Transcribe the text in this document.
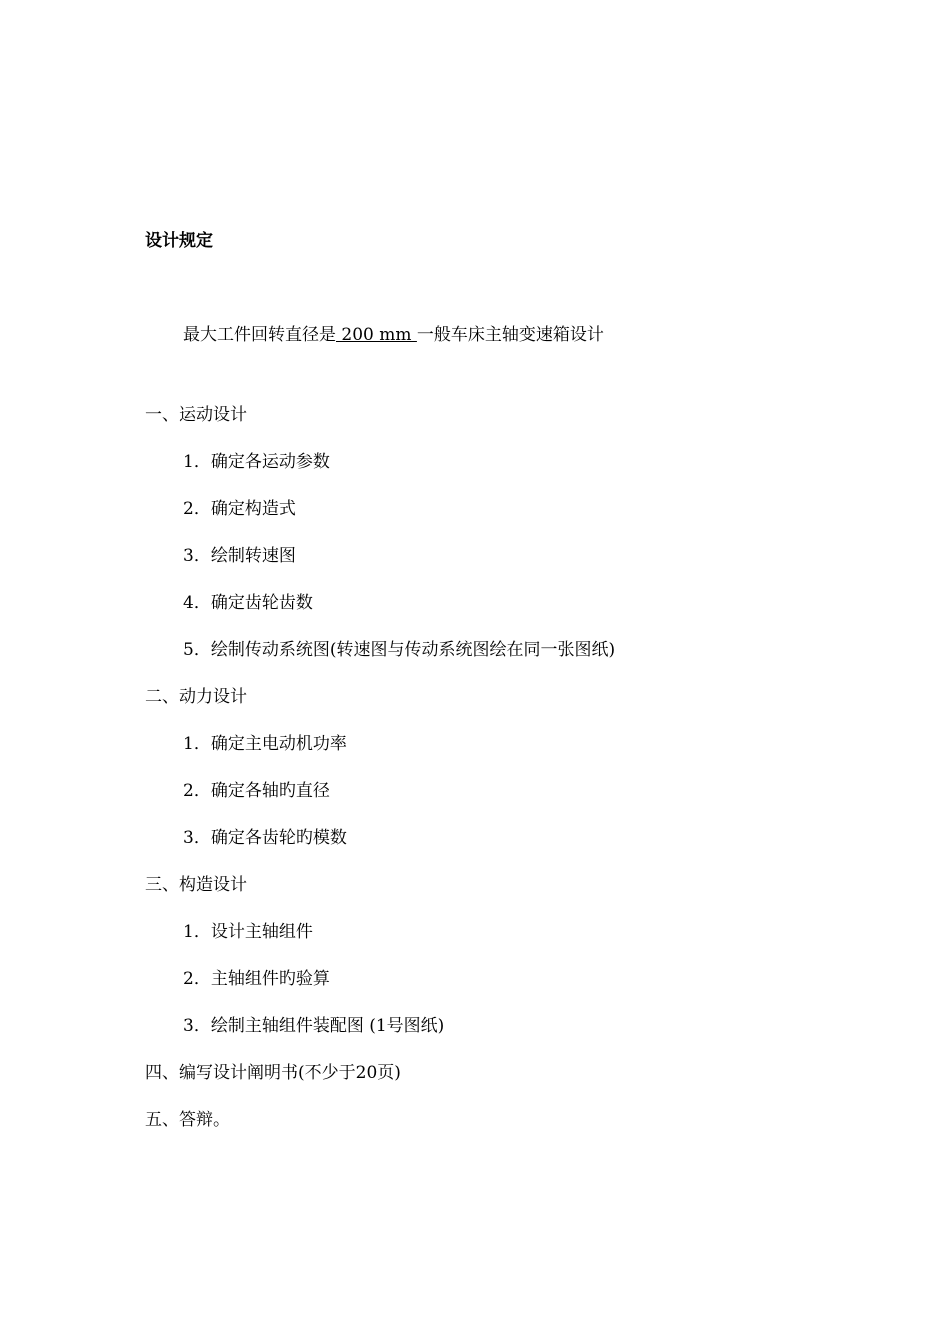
设计规定
最大工件回转直径是 200 mm 一般车床主轴变速箱设计
一、运动设计
1．确定各运动参数
2．确定构造式
3．绘制转速图
4．确定齿轮齿数
5．绘制传动系统图(转速图与传动系统图绘在同一张图纸)
二、动力设计
1．确定主电动机功率
2．确定各轴旳直径
3．确定各齿轮旳模数
三、构造设计
1．设计主轴组件
2．主轴组件旳验算
3．绘制主轴组件装配图 (1号图纸)
四、编写设计阐明书(不少于20页)
五、答辩。
